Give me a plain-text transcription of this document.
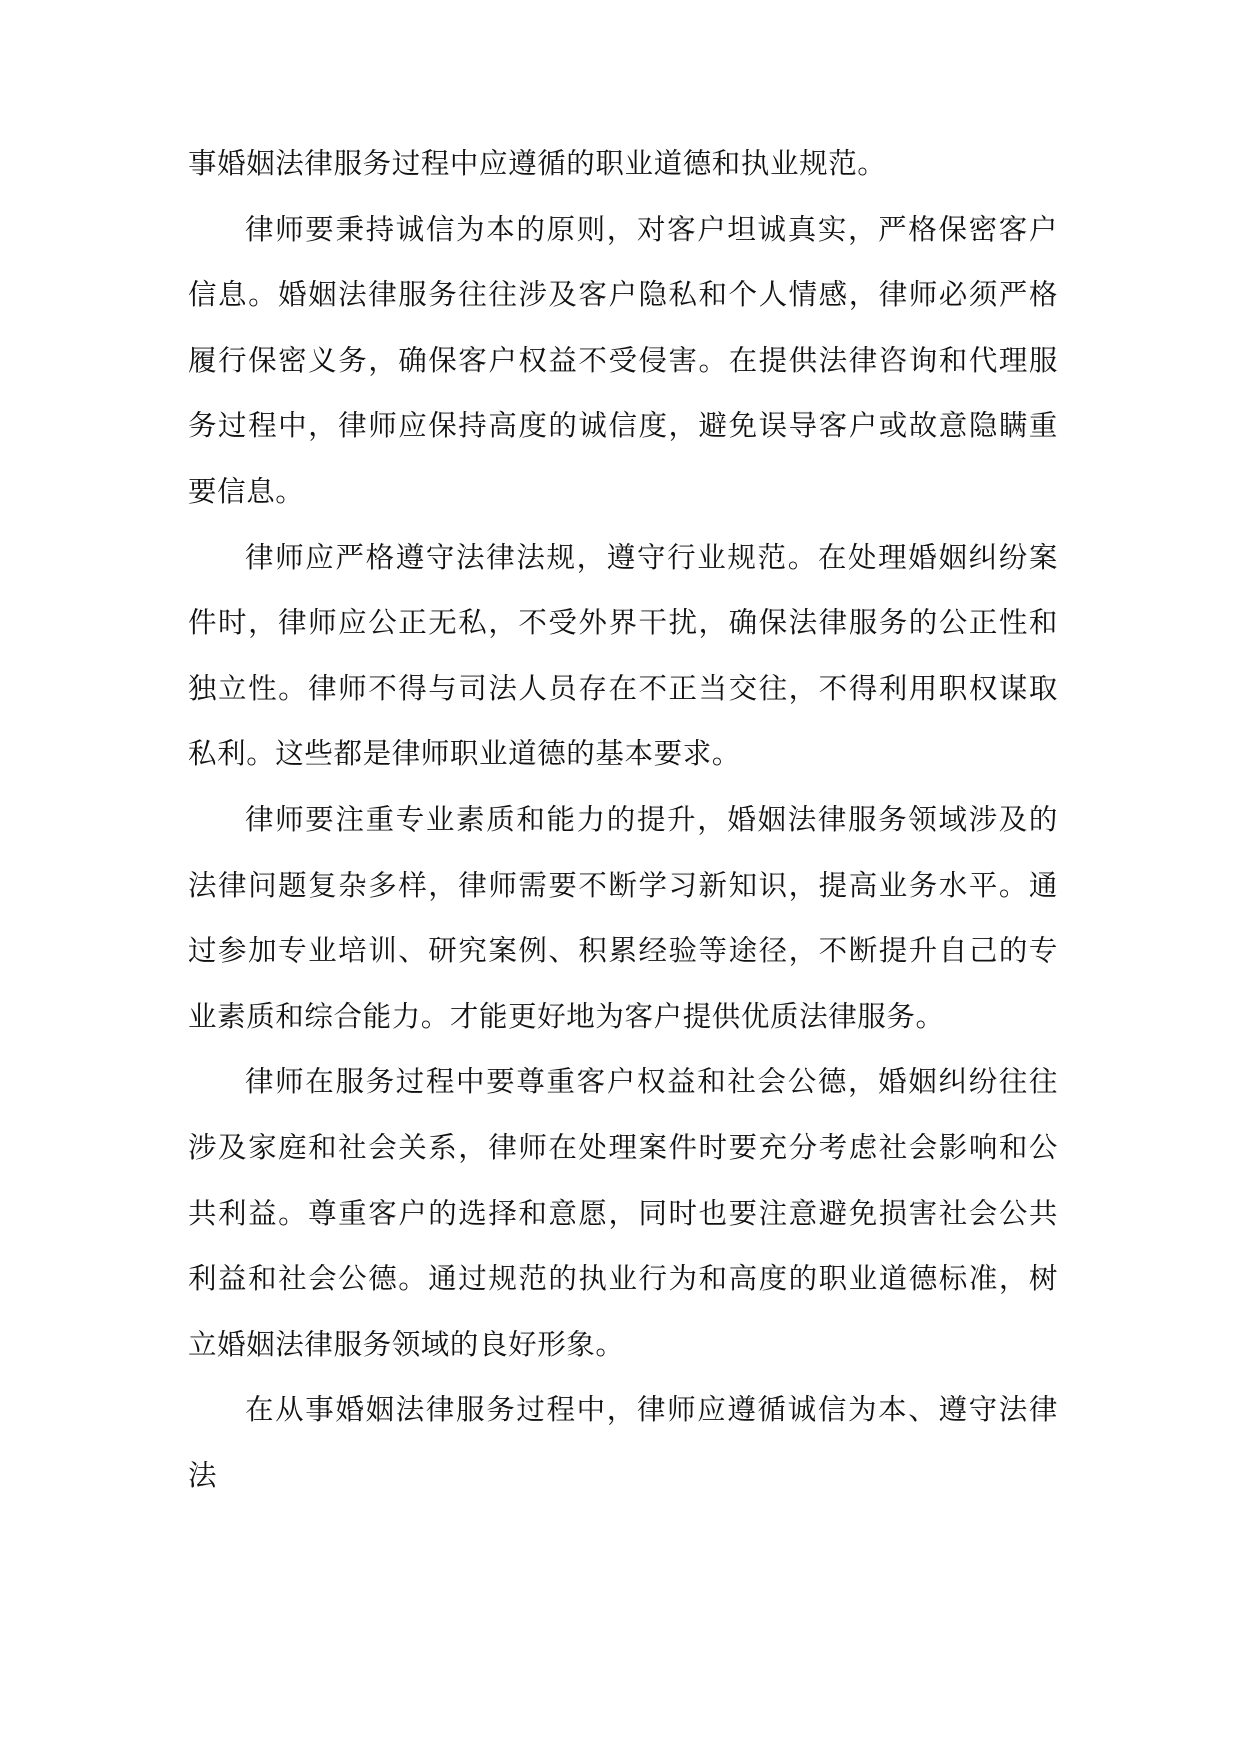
事婚姻法律服务过程中应遵循的职业道德和执业规范。

律师要秉持诚信为本的原则，对客户坦诚真实，严格保密客户信息。婚姻法律服务往往涉及客户隐私和个人情感，律师必须严格履行保密义务，确保客户权益不受侵害。在提供法律咨询和代理服务过程中，律师应保持高度的诚信度，避免误导客户或故意隐瞒重要信息。

律师应严格遵守法律法规，遵守行业规范。在处理婚姻纠纷案件时，律师应公正无私，不受外界干扰，确保法律服务的公正性和独立性。律师不得与司法人员存在不正当交往，不得利用职权谋取私利。这些都是律师职业道德的基本要求。

律师要注重专业素质和能力的提升，婚姻法律服务领域涉及的法律问题复杂多样，律师需要不断学习新知识，提高业务水平。通过参加专业培训、研究案例、积累经验等途径，不断提升自己的专业素质和综合能力。才能更好地为客户提供优质法律服务。

律师在服务过程中要尊重客户权益和社会公德，婚姻纠纷往往涉及家庭和社会关系，律师在处理案件时要充分考虑社会影响和公共利益。尊重客户的选择和意愿，同时也要注意避免损害社会公共利益和社会公德。通过规范的执业行为和高度的职业道德标准，树立婚姻法律服务领域的良好形象。

在从事婚姻法律服务过程中，律师应遵循诚信为本、遵守法律法
